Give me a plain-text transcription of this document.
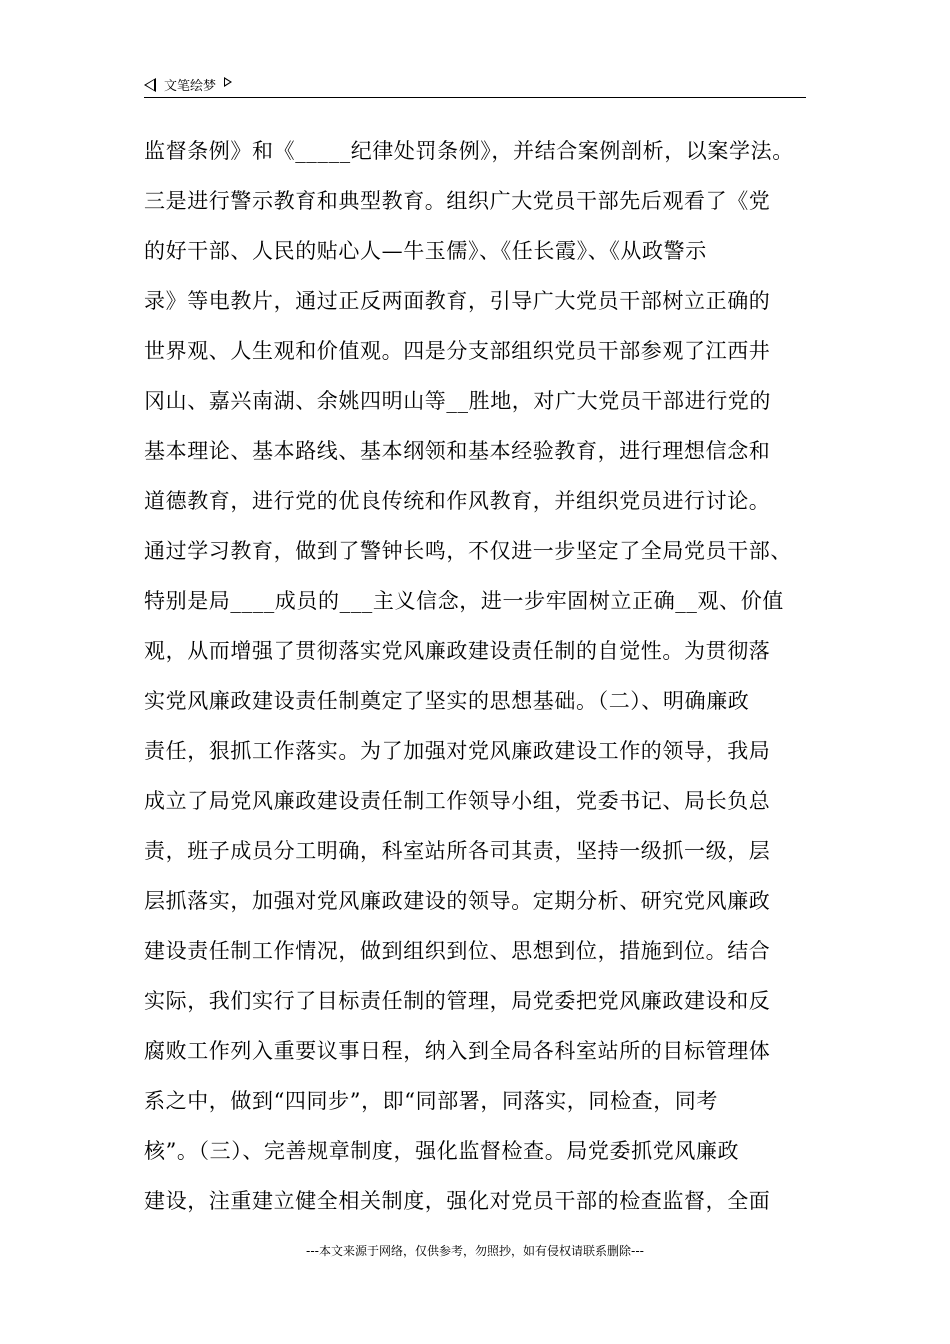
文笔绘梦
监督条例》和《_____纪律处罚条例》，并结合案例剖析，以案学法。
三是进行警示教育和典型教育。组织广大党员干部先后观看了《党
的好干部、人民的贴心人—牛玉儒》、《任长霞》、《从政警示
录》等电教片，通过正反两面教育，引导广大党员干部树立正确的
世界观、人生观和价值观。四是分支部组织党员干部参观了江西井
冈山、嘉兴南湖、余姚四明山等__胜地，对广大党员干部进行党的
基本理论、基本路线、基本纲领和基本经验教育，进行理想信念和
道德教育，进行党的优良传统和作风教育，并组织党员进行讨论。
通过学习教育，做到了警钟长鸣，不仅进一步坚定了全局党员干部、
特别是局____成员的___主义信念，进一步牢固树立正确__观、价值
观，从而增强了贯彻落实党风廉政建设责任制的自觉性。为贯彻落
实党风廉政建设责任制奠定了坚实的思想基础。（二）、明确廉政
责任，狠抓工作落实。为了加强对党风廉政建设工作的领导，我局
成立了局党风廉政建设责任制工作领导小组，党委书记、局长负总
责，班子成员分工明确，科室站所各司其责，坚持一级抓一级，层
层抓落实，加强对党风廉政建设的领导。定期分析、研究党风廉政
建设责任制工作情况，做到组织到位、思想到位，措施到位。结合
实际，我们实行了目标责任制的管理，局党委把党风廉政建设和反
腐败工作列入重要议事日程，纳入到全局各科室站所的目标管理体
系之中，做到“四同步”，即“同部署，同落实，同检查，同考
核”。（三）、完善规章制度，强化监督检查。局党委抓党风廉政
建设，注重建立健全相关制度，强化对党员干部的检查监督，全面
---本文来源于网络，仅供参考，勿照抄，如有侵权请联系删除---
